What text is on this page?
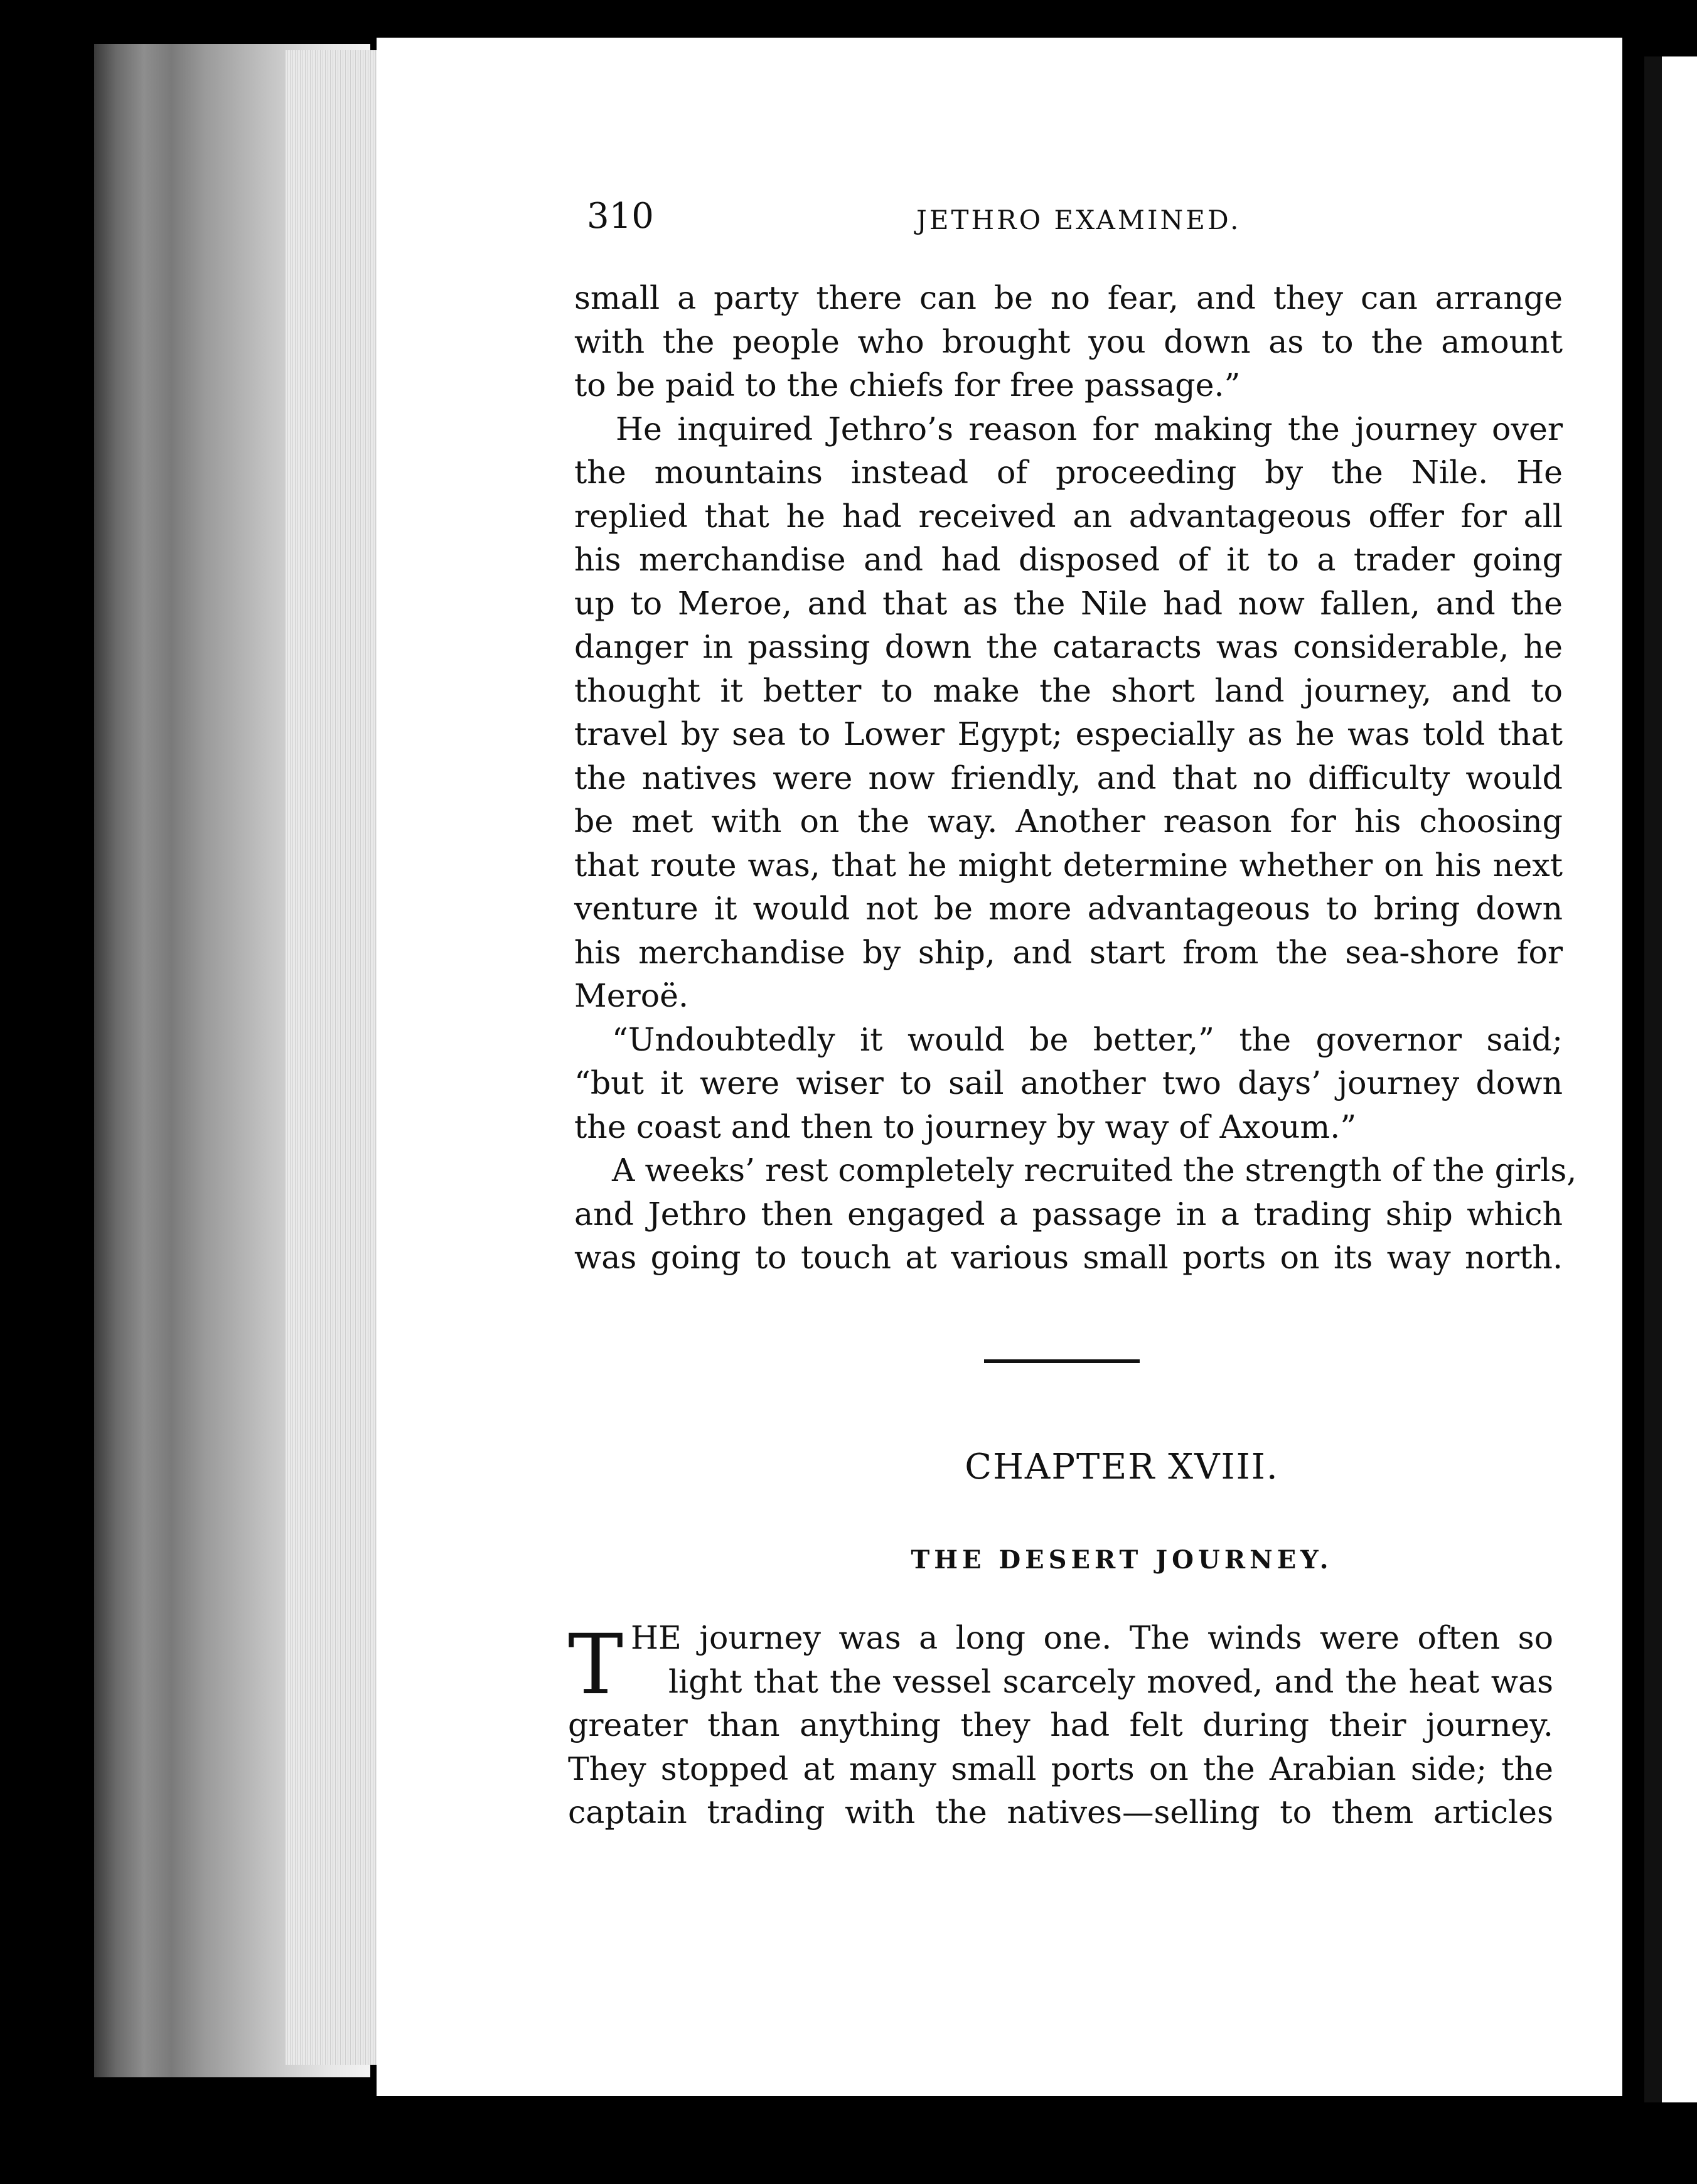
310	JETHRO EXAMINED.
small a party there can be no fear, and they can arrange
with the people who brought you down as to the amount
to be paid to the chiefs for free passage.”
He inquired Jethro’s reason for making the journey over
the mountains instead of proceeding by the Nile. He
replied that he had received an advantageous offer for all
his merchandise and had disposed of it to a trader going
up to Meroe, and that as the Nile had now fallen, and the
danger in passing down the cataracts was considerable, he
thought it better to make the short land journey, and to
travel by sea to Lower Egypt; especially as he was told that
the natives were now friendly, and that no difficulty would
be met with on the way. Another reason for his choosing
that route was, that he might determine whether on his next
venture it would not be more advantageous to bring down
his merchandise by ship, and start from the sea-shore for
Meroë.
“Undoubtedly it would be better,” the governor said;
“but it were wiser to sail another two days’ journey down
the coast and then to journey by way of Axoum.”
A weeks’ rest completely recruited the strength of the girls,
and Jethro then engaged a passage in a trading ship which
was going to touch at various small ports on its way north.
CHAPTER XVIII.
THE DESERT JOURNEY.
T HE journey was a long one. The winds were often so
light that the vessel scarcely moved, and the heat was
greater than anything they had felt during their journey.
They stopped at many small ports on the Arabian side; the
captain trading with the natives—selling to them articles
